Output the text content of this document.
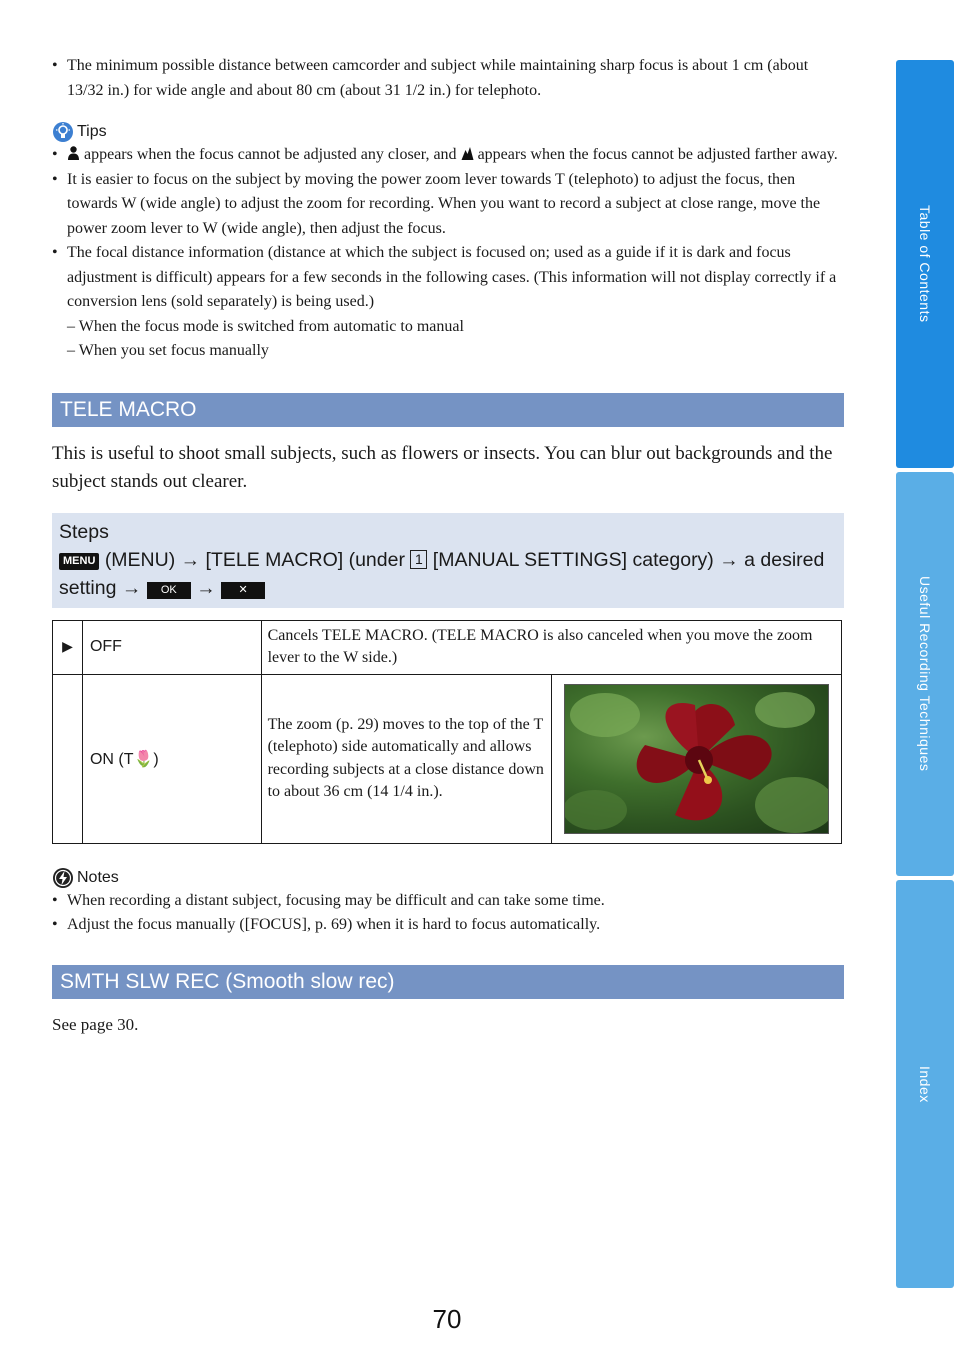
• The minimum possible distance between camcorder and subject while maintaining sharp focus is about 1 cm (about 13/32 in.) for wide angle and about 80 cm (about 31 1/2 in.) for telephoto.
Tips
• appears when the focus cannot be adjusted any closer, and appears when the focus cannot be adjusted farther away.
• It is easier to focus on the subject by moving the power zoom lever towards T (telephoto) to adjust the focus, then towards W (wide angle) to adjust the zoom for recording. When you want to record a subject at close range, move the power zoom lever to W (wide angle), then adjust the focus.
• The focal distance information (distance at which the subject is focused on; used as a guide if it is dark and focus adjustment is difficult) appears for a few seconds in the following cases. (This information will not display correctly if a conversion lens (sold separately) is being used.)
– When the focus mode is switched from automatic to manual
– When you set focus manually
TELE MACRO
This is useful to shoot small subjects, such as flowers or insects. You can blur out backgrounds and the subject stands out clearer.
Steps
MENU (MENU) → [TELE MACRO] (under 1 [MANUAL SETTINGS] category) → a desired setting → OK → ✕
▶	OFF	Cancels TELE MACRO. (TELE MACRO is also canceled when you move the zoom lever to the W side.)	
	ON (T🌷)	The zoom (p. 29) moves to the top of the T (telephoto) side automatically and allows recording subjects at a close distance down to about 36 cm (14 1/4 in.).	
Notes
• When recording a distant subject, focusing may be difficult and can take some time.
• Adjust the focus manually ([FOCUS], p. 69) when it is hard to focus automatically.
SMTH SLW REC (Smooth slow rec)
See page 30.
Table of Contents
Useful Recording Techniques
Index
70
